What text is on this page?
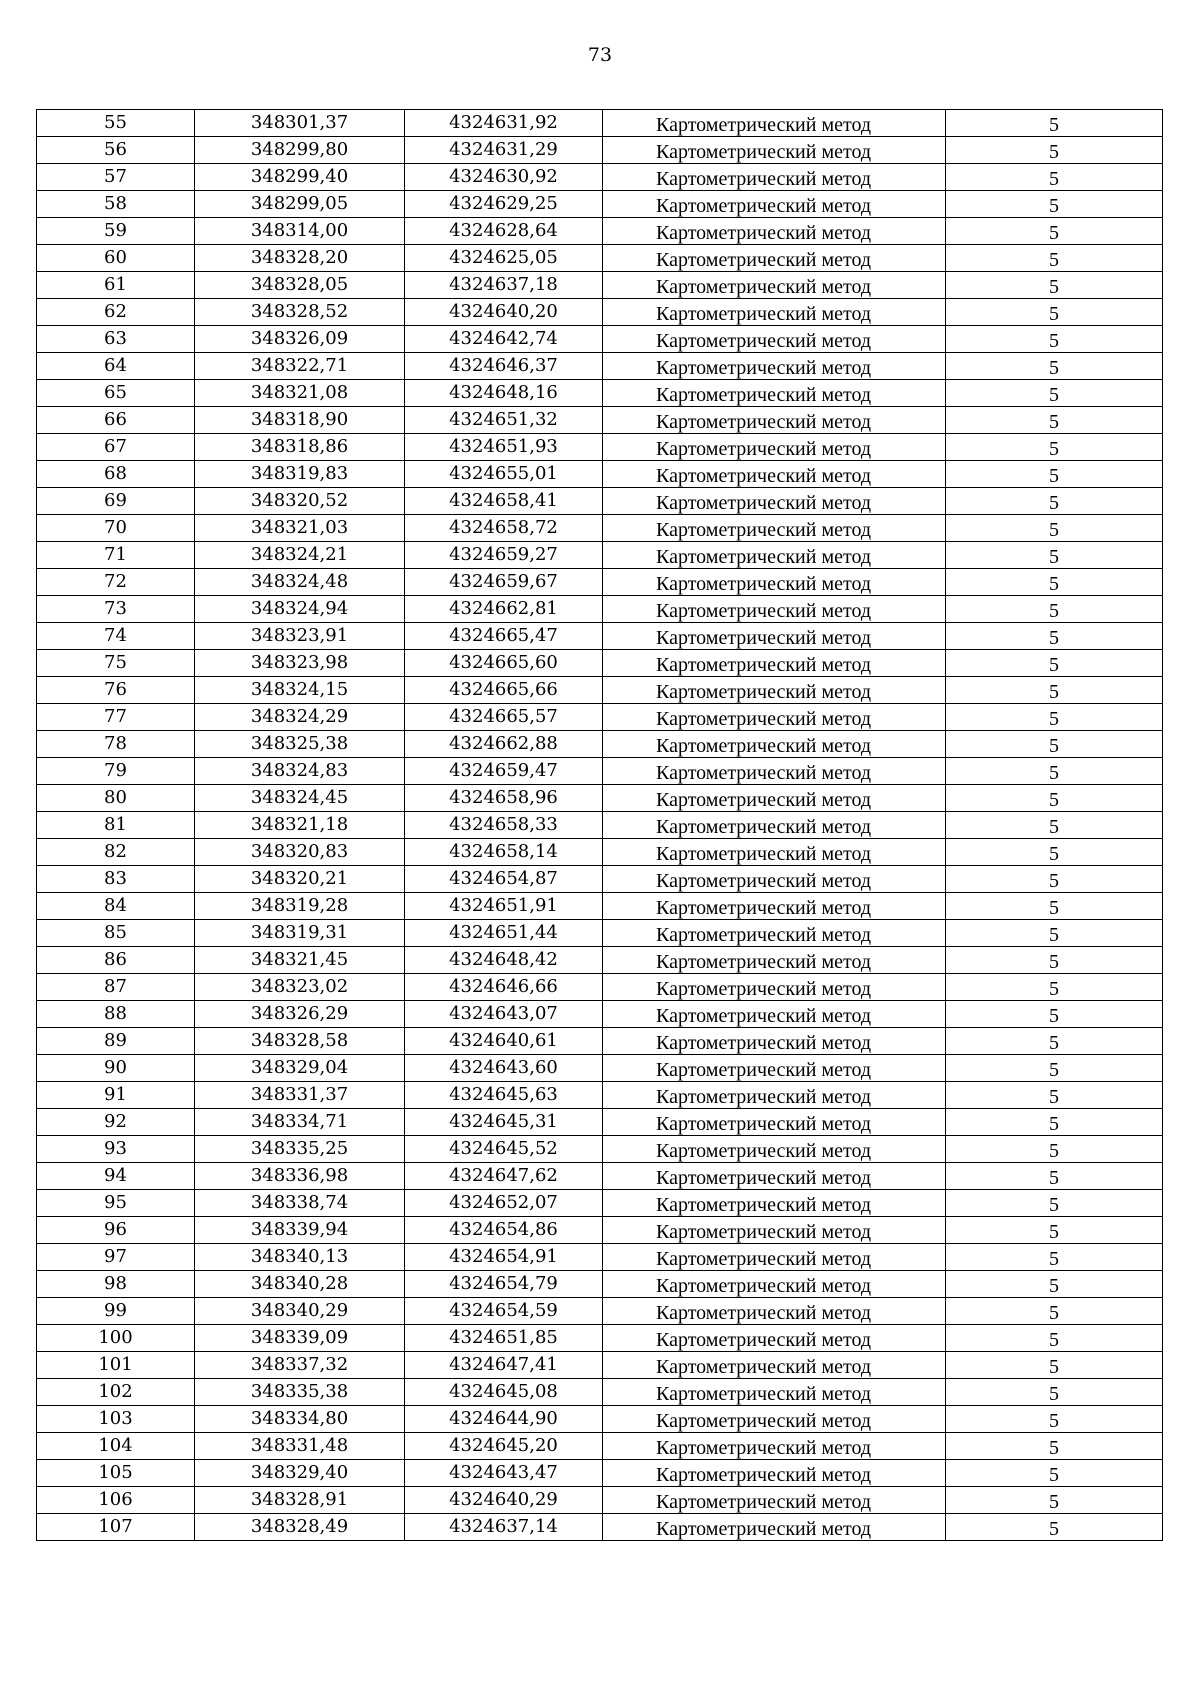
73
55	348301,37	4324631,92	Картометрический метод	5
56	348299,80	4324631,29	Картометрический метод	5
57	348299,40	4324630,92	Картометрический метод	5
58	348299,05	4324629,25	Картометрический метод	5
59	348314,00	4324628,64	Картометрический метод	5
60	348328,20	4324625,05	Картометрический метод	5
61	348328,05	4324637,18	Картометрический метод	5
62	348328,52	4324640,20	Картометрический метод	5
63	348326,09	4324642,74	Картометрический метод	5
64	348322,71	4324646,37	Картометрический метод	5
65	348321,08	4324648,16	Картометрический метод	5
66	348318,90	4324651,32	Картометрический метод	5
67	348318,86	4324651,93	Картометрический метод	5
68	348319,83	4324655,01	Картометрический метод	5
69	348320,52	4324658,41	Картометрический метод	5
70	348321,03	4324658,72	Картометрический метод	5
71	348324,21	4324659,27	Картометрический метод	5
72	348324,48	4324659,67	Картометрический метод	5
73	348324,94	4324662,81	Картометрический метод	5
74	348323,91	4324665,47	Картометрический метод	5
75	348323,98	4324665,60	Картометрический метод	5
76	348324,15	4324665,66	Картометрический метод	5
77	348324,29	4324665,57	Картометрический метод	5
78	348325,38	4324662,88	Картометрический метод	5
79	348324,83	4324659,47	Картометрический метод	5
80	348324,45	4324658,96	Картометрический метод	5
81	348321,18	4324658,33	Картометрический метод	5
82	348320,83	4324658,14	Картометрический метод	5
83	348320,21	4324654,87	Картометрический метод	5
84	348319,28	4324651,91	Картометрический метод	5
85	348319,31	4324651,44	Картометрический метод	5
86	348321,45	4324648,42	Картометрический метод	5
87	348323,02	4324646,66	Картометрический метод	5
88	348326,29	4324643,07	Картометрический метод	5
89	348328,58	4324640,61	Картометрический метод	5
90	348329,04	4324643,60	Картометрический метод	5
91	348331,37	4324645,63	Картометрический метод	5
92	348334,71	4324645,31	Картометрический метод	5
93	348335,25	4324645,52	Картометрический метод	5
94	348336,98	4324647,62	Картометрический метод	5
95	348338,74	4324652,07	Картометрический метод	5
96	348339,94	4324654,86	Картометрический метод	5
97	348340,13	4324654,91	Картометрический метод	5
98	348340,28	4324654,79	Картометрический метод	5
99	348340,29	4324654,59	Картометрический метод	5
100	348339,09	4324651,85	Картометрический метод	5
101	348337,32	4324647,41	Картометрический метод	5
102	348335,38	4324645,08	Картометрический метод	5
103	348334,80	4324644,90	Картометрический метод	5
104	348331,48	4324645,20	Картометрический метод	5
105	348329,40	4324643,47	Картометрический метод	5
106	348328,91	4324640,29	Картометрический метод	5
107	348328,49	4324637,14	Картометрический метод	5
